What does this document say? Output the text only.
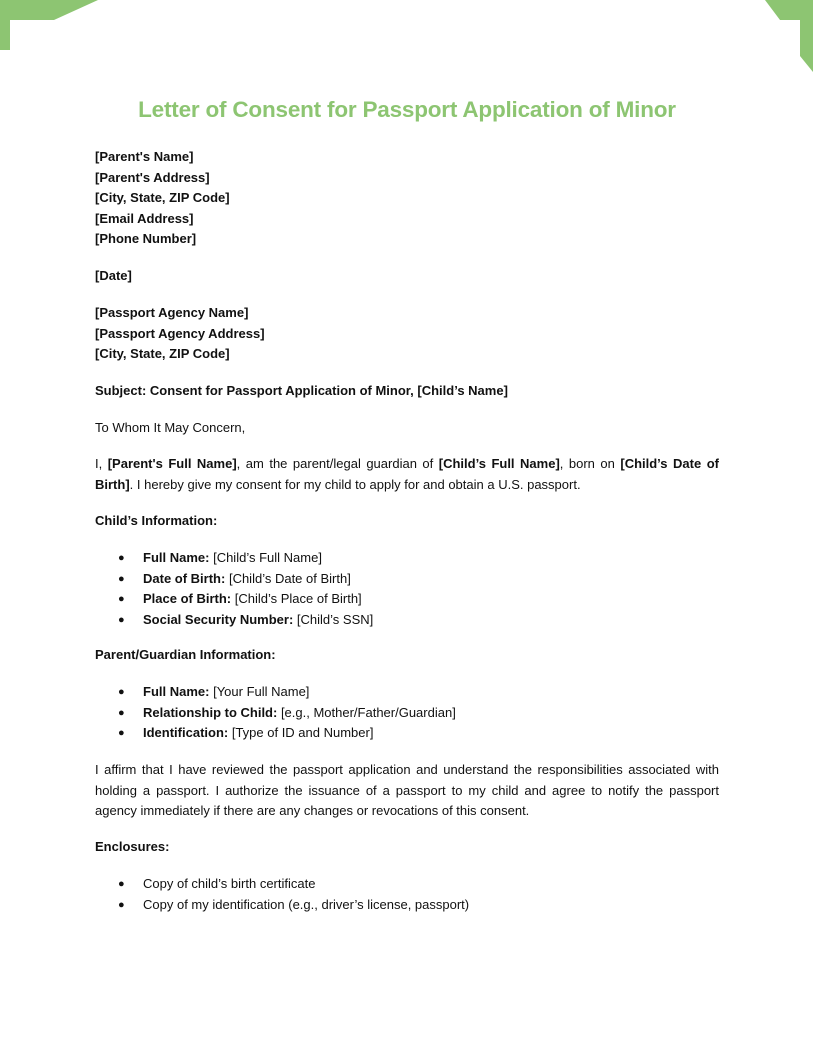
Letter of Consent for Passport Application of Minor
[Parent's Name]
[Parent's Address]
[City, State, ZIP Code]
[Email Address]
[Phone Number]
[Date]
[Passport Agency Name]
[Passport Agency Address]
[City, State, ZIP Code]
Subject: Consent for Passport Application of Minor, [Child’s Name]
To Whom It May Concern,

I, [Parent's Full Name], am the parent/legal guardian of [Child’s Full Name], born on [Child’s Date of Birth]. I hereby give my consent for my child to apply for and obtain a U.S. passport.

Child’s Information:
● Full Name: [Child’s Full Name]
● Date of Birth: [Child’s Date of Birth]
● Place of Birth: [Child’s Place of Birth]
● Social Security Number: [Child’s SSN]
Parent/Guardian Information:
● Full Name: [Your Full Name]
● Relationship to Child: [e.g., Mother/Father/Guardian]
● Identification: [Type of ID and Number]

I affirm that I have reviewed the passport application and understand the responsibilities associated with holding a passport. I authorize the issuance of a passport to my child and agree to notify the passport agency immediately if there are any changes or revocations of this consent.

Enclosures:
● Copy of child’s birth certificate
● Copy of my identification (e.g., driver’s license, passport)
